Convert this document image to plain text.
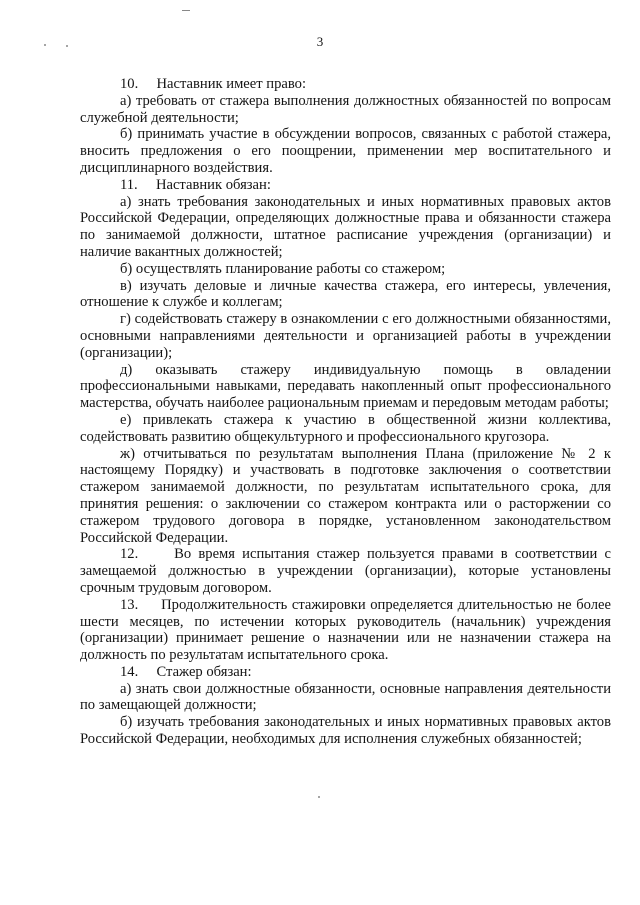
3

10.     Наставник имеет право:

а) требовать от стажера выполнения должностных обязанностей по вопросам служебной деятельности;

б) принимать участие в обсуждении вопросов, связанных с работой стажера, вносить предложения о его поощрении, применении мер воспитательного и дисциплинарного воздействия.

11.     Наставник обязан:

а) знать требования законодательных и иных нормативных правовых актов Российской Федерации, определяющих должностные права и обязанности стажера по занимаемой должности, штатное расписание учреждения (организации) и наличие вакантных должностей;

б) осуществлять планирование работы со стажером;

в) изучать деловые и личные качества стажера, его интересы, увлечения, отношение к службе и коллегам;

г) содействовать стажеру в ознакомлении с его должностными обязанностями, основными направлениями деятельности и организацией работы в учреждении (организации);

д) оказывать стажеру индивидуальную помощь в овладении профессиональными навыками, передавать накопленный опыт профессионального мастерства, обучать наиболее рациональным приемам и передовым методам работы;

е) привлекать стажера к участию в общественной жизни коллектива, содействовать развитию общекультурного и профессионального кругозора.

ж) отчитываться по результатам выполнения Плана (приложение № 2 к настоящему Порядку) и участвовать в подготовке заключения о соответствии стажером занимаемой должности, по результатам испытательного срока, для принятия решения: о заключении со стажером контракта или о расторжении со стажером трудового договора в порядке, установленном законодательством Российской Федерации.

12.     Во время испытания стажер пользуется правами в соответствии с замещаемой должностью в учреждении (организации), которые установлены срочным трудовым договором.

13.     Продолжительность стажировки определяется длительностью не более шести месяцев, по истечении которых руководитель (начальник) учреждения (организации) принимает решение о назначении или не назначении стажера на должность по результатам испытательного срока.

14.     Стажер обязан:

а) знать свои должностные обязанности, основные направления деятельности по замещающей должности;

б) изучать требования законодательных и иных нормативных правовых актов Российской Федерации, необходимых для исполнения служебных обязанностей;
